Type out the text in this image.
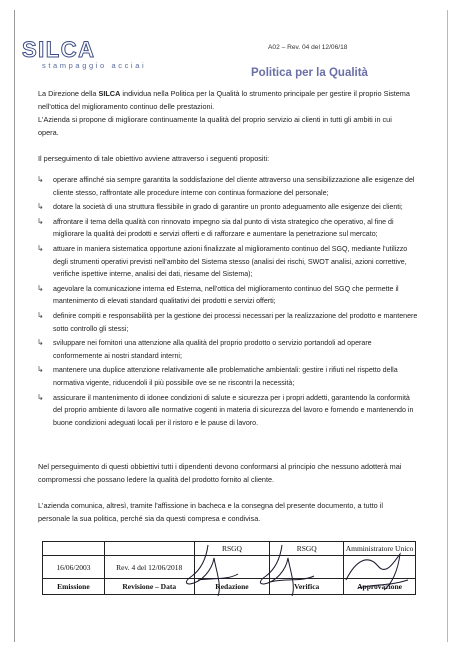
SILCA
stampaggio acciai
A02 – Rev. 04 del 12/06/18
Politica per la Qualità
La Direzione della SILCA individua nella Politica per la Qualità lo strumento principale per gestire il proprio Sistema nell'ottica del miglioramento continuo delle prestazioni.
L'Azienda si propone di migliorare continuamente la qualità del proprio servizio ai clienti in tutti gli ambiti in cui opera.
Il perseguimento di tale obiettivo avviene attraverso i seguenti propositi:
↳ operare affinché sia sempre garantita la soddisfazione del cliente attraverso una sensibilizzazione alle esigenze del cliente stesso, raffrontate alle procedure interne con continua formazione del personale;
↳ dotare la società di una struttura flessibile in grado di garantire un pronto adeguamento alle esigenze dei clienti;
↳ affrontare il tema della qualità con rinnovato impegno sia dal punto di vista strategico che operativo, al fine di migliorare la qualità dei prodotti e servizi offerti e di rafforzare e aumentare la penetrazione sul mercato;
↳ attuare in maniera sistematica opportune azioni finalizzate al miglioramento continuo del SGQ, mediante l'utilizzo degli strumenti operativi previsti nell'ambito del Sistema stesso (analisi dei rischi, SWOT analisi, azioni correttive, verifiche ispettive interne, analisi dei dati, riesame del Sistema);
↳ agevolare la comunicazione interna ed Esterna, nell'ottica del miglioramento continuo del SGQ che permette il mantenimento di elevati standard qualitativi dei prodotti e servizi offerti;
↳ definire compiti e responsabilità per la gestione dei processi necessari per la realizzazione del prodotto e mantenere sotto controllo gli stessi;
↳ sviluppare nei fornitori una attenzione alla qualità del proprio prodotto o servizio portandoli ad operare conformemente ai nostri standard interni;
↳ mantenere una duplice attenzione relativamente alle problematiche ambientali: gestire i rifiuti nel rispetto della normativa vigente, riducendoli il più possibile ove se ne riscontri la necessità;
↳ assicurare il mantenimento di idonee condizioni di salute e sicurezza per i propri addetti, garantendo la conformità del proprio ambiente di lavoro alle normative cogenti in materia di sicurezza del lavoro e fornendo e mantenendo in buone condizioni adeguati locali per il ristoro e le pause di lavoro.
Nel perseguimento di questi obbiettivi tutti i dipendenti devono conformarsi al principio che nessuno adotterà mai compromessi che possano ledere la qualità del prodotto fornito al cliente.
L'azienda comunica, altresì, tramite l'affissione in bacheca e la consegna del presente documento, a tutto il personale la sua politica, perché sia da questi compresa e condivisa.
		RSGQ	RSGQ	Amministratore Unico
16/06/2003	Rev. 4 del 12/06/2018			
Emissione	Revisione – Data	Redazione	Verifica	Approvazione
